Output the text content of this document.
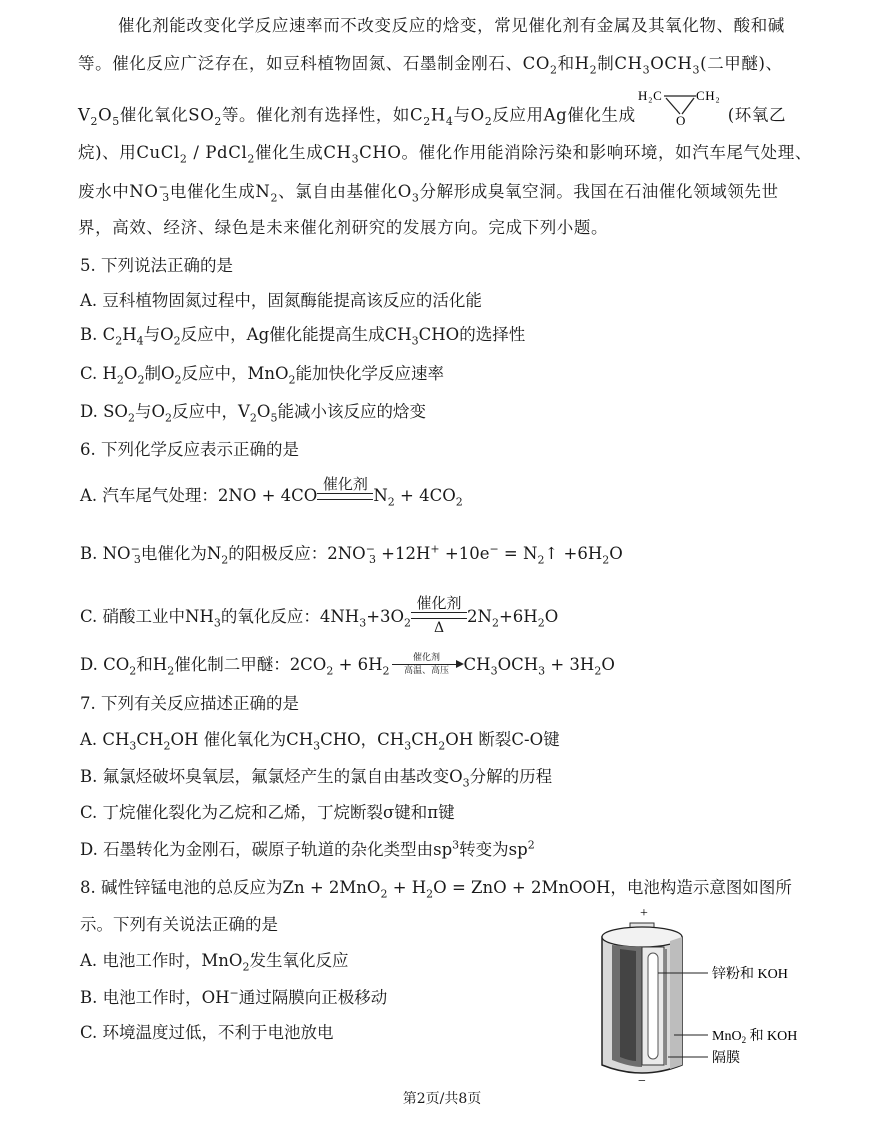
催化剂能改变化学反应速率而不改变反应的焓变，常见催化剂有金属及其氧化物、酸和碱
等。催化反应广泛存在，如豆科植物固氮、石墨制金刚石、$CO_2$和$H_2$制$CH_3OCH_3$(二甲醚)、
$V_2O_5$催化氧化$SO_2$等。催化剂有选择性，如$C_2H_4$与$O_2$反应用Ag催化生成
H₂C	CH₂
O	(环氧乙
烷)、用CuCl$_2$ / PdCl$_2$催化生成$CH_3CHO$。催化作用能消除污染和影响环境，如汽车尾气处理、
废水中$NO^-_3$电催化生成$N_2$、氯自由基催化$O_3$分解形成臭氧空洞。我国在石油催化领域领先世
界，高效、经济、绿色是未来催化剂研究的发展方向。完成下列小题。
5. 下列说法正确的是
A. 豆科植物固氮过程中，固氮酶能提高该反应的活化能
B. $C_2H_4$与$O_2$反应中，Ag催化能提高生成$CH_3CHO$的选择性
C. $H_2O_2$制$O_2$反应中，MnO$_2$能加快化学反应速率
D. $SO_2$与$O_2$反应中，$V_2O_5$能减小该反应的焓变
6. 下列化学反应表示正确的是
A. 汽车尾气处理：2NO + 4CO
催化剂
$N_2 + 4CO_2$
B. $NO^-_3$电催化为$N_2$的阳极反应：$2NO^-_3 +12H^+ +10e^-$ = $N_2↑ +6H_2O$
C. 硝酸工业中$NH_3$的氧化反应：$4NH_3+3O_2$
催化剂
Δ
$2N_2+6H_2O$
D. $CO_2$和$H_2$催化制二甲醚：$2CO_2 + 6H_2$
催化剂
高温、高压 $CH_3OCH_3 + 3H_2O$
7. 下列有关反应描述正确的是
A. $CH_3CH_2OH$ 催化氧化为$CH_3CHO$，$CH_3CH_2OH$ 断裂C-O键
B. 氟氯烃破坏臭氧层，氟氯烃产生的氯自由基改变$O_3$分解的历程
C. 丁烷催化裂化为乙烷和乙烯，丁烷断裂σ键和π键
D. 石墨转化为金刚石，碳原子轨道的杂化类型由$sp^3$转变为$sp^2$
8. 碱性锌锰电池的总反应为$Zn + 2MnO_2 + H_2O$ = ZnO + 2MnOOH，电池构造示意图如图所
示。下列有关说法正确的是
A. 电池工作时，MnO$_2$发生氧化反应
B. 电池工作时，OH−通过隔膜向正极移动
C. 环境温度过低，不利于电池放电
+
−
锌粉和 KOH
MnO$_2$ 和 KOH
隔膜
第2页/共8页
